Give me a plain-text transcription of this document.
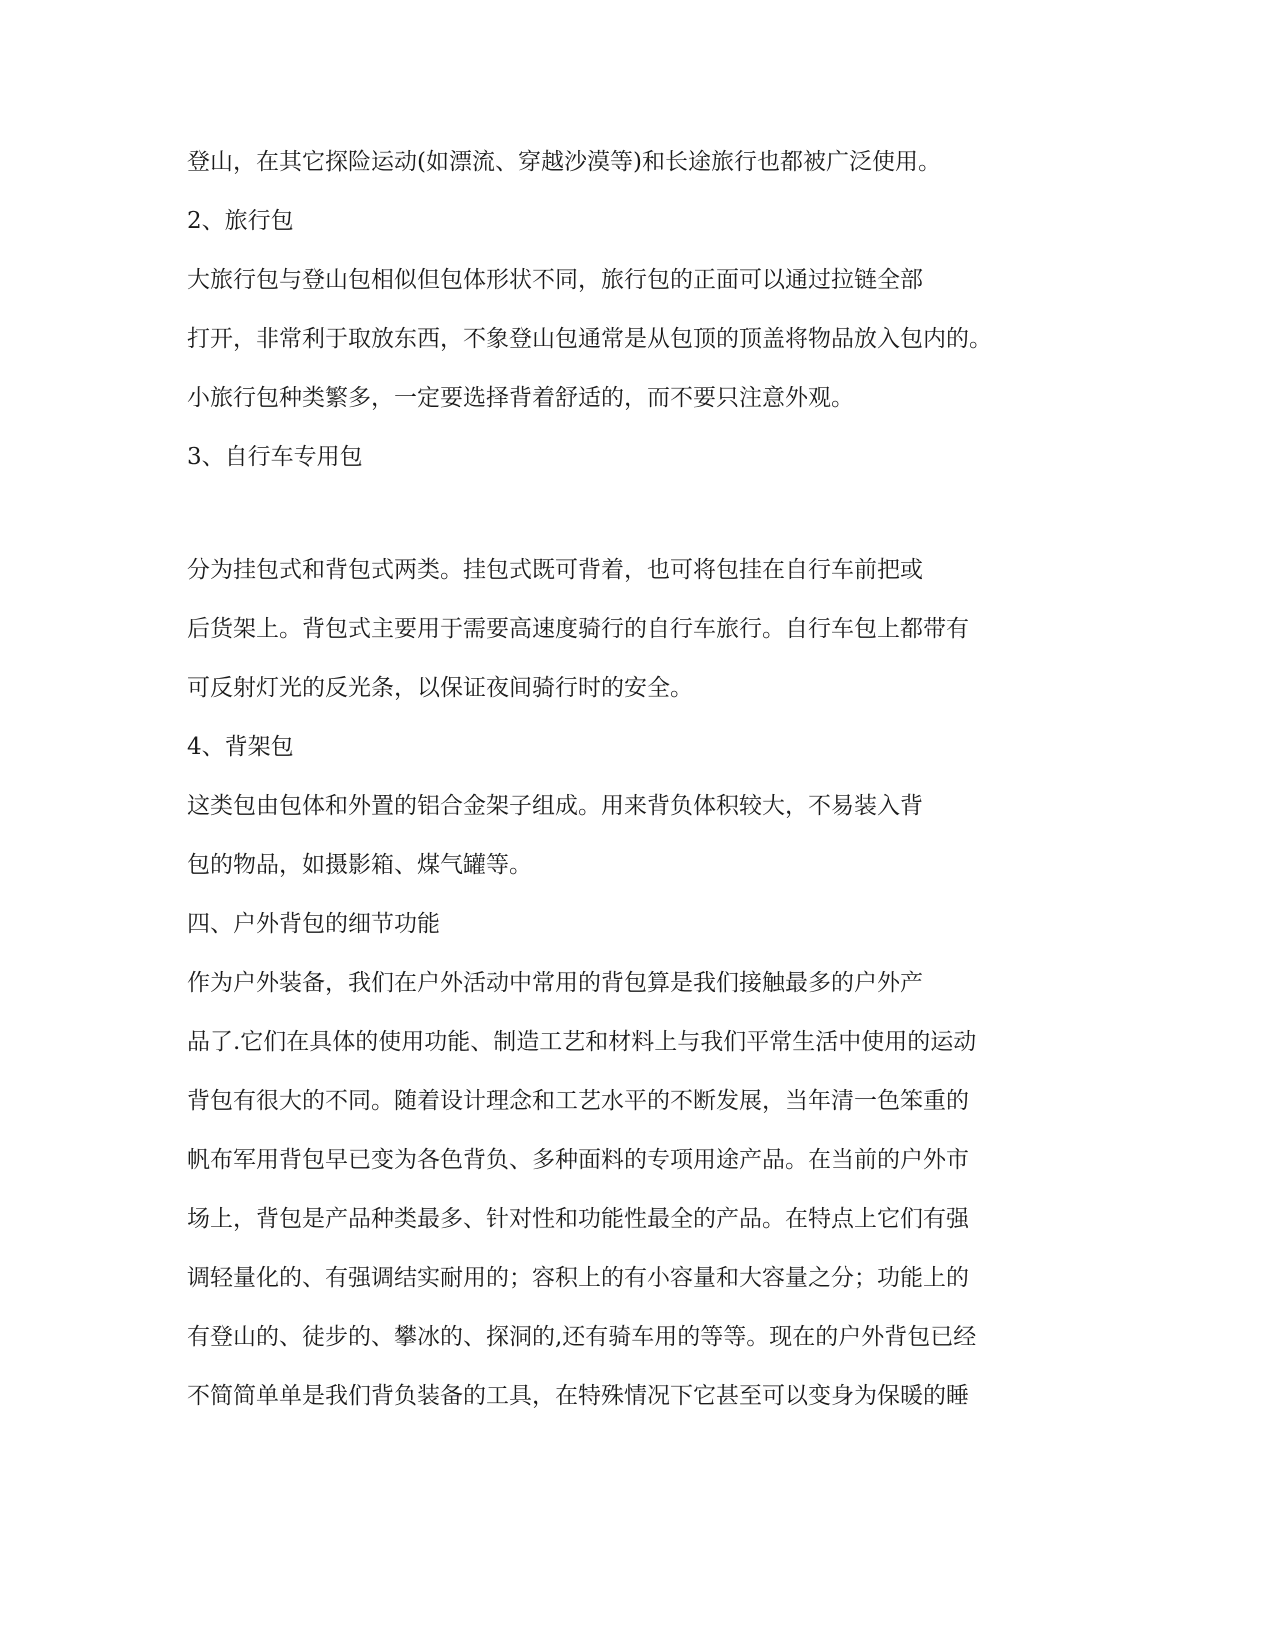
登山，在其它探险运动(如漂流、穿越沙漠等)和长途旅行也都被广泛使用。
2、旅行包
大旅行包与登山包相似但包体形状不同，旅行包的正面可以通过拉链全部
打开，非常利于取放东西，不象登山包通常是从包顶的顶盖将物品放入包内的。
小旅行包种类繁多，一定要选择背着舒适的，而不要只注意外观。
3、自行车专用包
分为挂包式和背包式两类。挂包式既可背着，也可将包挂在自行车前把或
后货架上。背包式主要用于需要高速度骑行的自行车旅行。自行车包上都带有
可反射灯光的反光条，以保证夜间骑行时的安全。
4、背架包
这类包由包体和外置的铝合金架子组成。用来背负体积较大，不易装入背
包的物品，如摄影箱、煤气罐等。
四、户外背包的细节功能
作为户外装备，我们在户外活动中常用的背包算是我们接触最多的户外产
品了.它们在具体的使用功能、制造工艺和材料上与我们平常生活中使用的运动
背包有很大的不同。随着设计理念和工艺水平的不断发展，当年清一色笨重的
帆布军用背包早已变为各色背负、多种面料的专项用途产品。在当前的户外市
场上，背包是产品种类最多、针对性和功能性最全的产品。在特点上它们有强
调轻量化的、有强调结实耐用的；容积上的有小容量和大容量之分；功能上的
有登山的、徒步的、攀冰的、探洞的,还有骑车用的等等。现在的户外背包已经
不简简单单是我们背负装备的工具，在特殊情况下它甚至可以变身为保暖的睡
